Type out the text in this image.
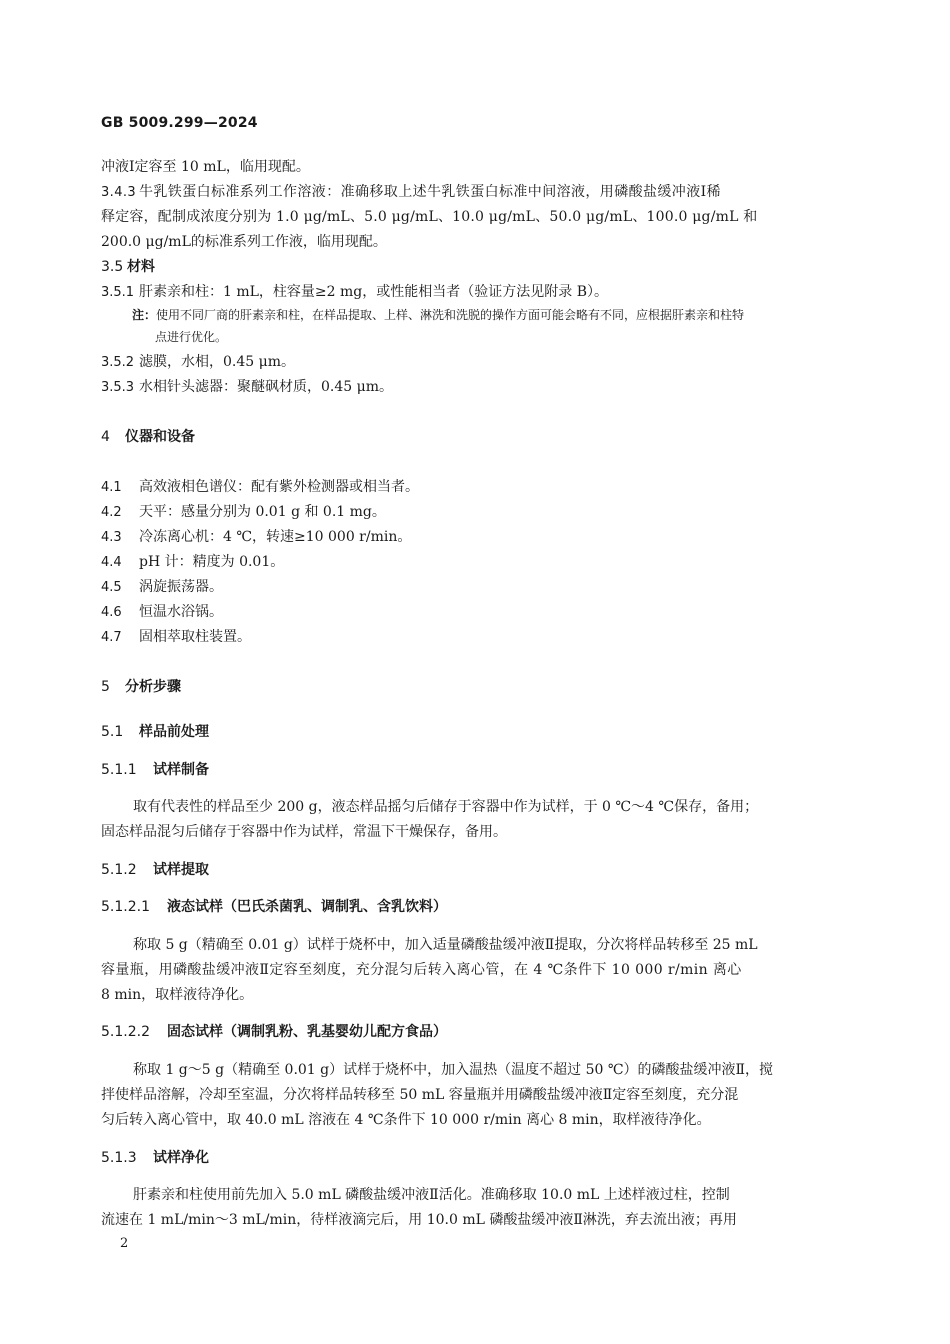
GB 5009.299—2024
冲液Ⅰ定容至 10 mL，临用现配。
3.4.3 牛乳铁蛋白标准系列工作溶液：准确移取上述牛乳铁蛋白标准中间溶液，用磷酸盐缓冲液Ⅰ稀
释定容，配制成浓度分别为 1.0 μg/mL、5.0 μg/mL、10.0 μg/mL、50.0 μg/mL、100.0 μg/mL 和
200.0 μg/mL的标准系列工作液，临用现配。
3.5 材料
3.5.1 肝素亲和柱：1 mL，柱容量≥2 mg，或性能相当者（验证方法见附录 B）。
注：使用不同厂商的肝素亲和柱，在样品提取、上样、淋洗和洗脱的操作方面可能会略有不同，应根据肝素亲和柱特
点进行优化。
3.5.2 滤膜，水相，0.45 μm。
3.5.3 水相针头滤器：聚醚砜材质，0.45 μm。
4 仪器和设备
4.1 高效液相色谱仪：配有紫外检测器或相当者。
4.2 天平：感量分别为 0.01 g 和 0.1 mg。
4.3 冷冻离心机：4 ℃，转速≥10 000 r/min。
4.4 pH 计：精度为 0.01。
4.5 涡旋振荡器。
4.6 恒温水浴锅。
4.7 固相萃取柱装置。
5 分析步骤
5.1 样品前处理
5.1.1 试样制备
取有代表性的样品至少 200 g，液态样品摇匀后储存于容器中作为试样，于 0 ℃～4 ℃保存，备用；
固态样品混匀后储存于容器中作为试样，常温下干燥保存，备用。
5.1.2 试样提取
5.1.2.1 液态试样（巴氏杀菌乳、调制乳、含乳饮料）
称取 5 g（精确至 0.01 g）试样于烧杯中，加入适量磷酸盐缓冲液Ⅱ提取，分次将样品转移至 25 mL
容量瓶，用磷酸盐缓冲液Ⅱ定容至刻度，充分混匀后转入离心管，在 4 ℃条件下 10 000 r/min 离心
8 min，取样液待净化。
5.1.2.2 固态试样（调制乳粉、乳基婴幼儿配方食品）
称取 1 g～5 g（精确至 0.01 g）试样于烧杯中，加入温热（温度不超过 50 ℃）的磷酸盐缓冲液Ⅱ，搅
拌使样品溶解，冷却至室温，分次将样品转移至 50 mL 容量瓶并用磷酸盐缓冲液Ⅱ定容至刻度，充分混
匀后转入离心管中，取 40.0 mL 溶液在 4 ℃条件下 10 000 r/min 离心 8 min，取样液待净化。
5.1.3 试样净化
肝素亲和柱使用前先加入 5.0 mL 磷酸盐缓冲液Ⅱ活化。准确移取 10.0 mL 上述样液过柱，控制
流速在 1 mL/min～3 mL/min，待样液滴完后，用 10.0 mL 磷酸盐缓冲液Ⅱ淋洗，弃去流出液；再用
2
